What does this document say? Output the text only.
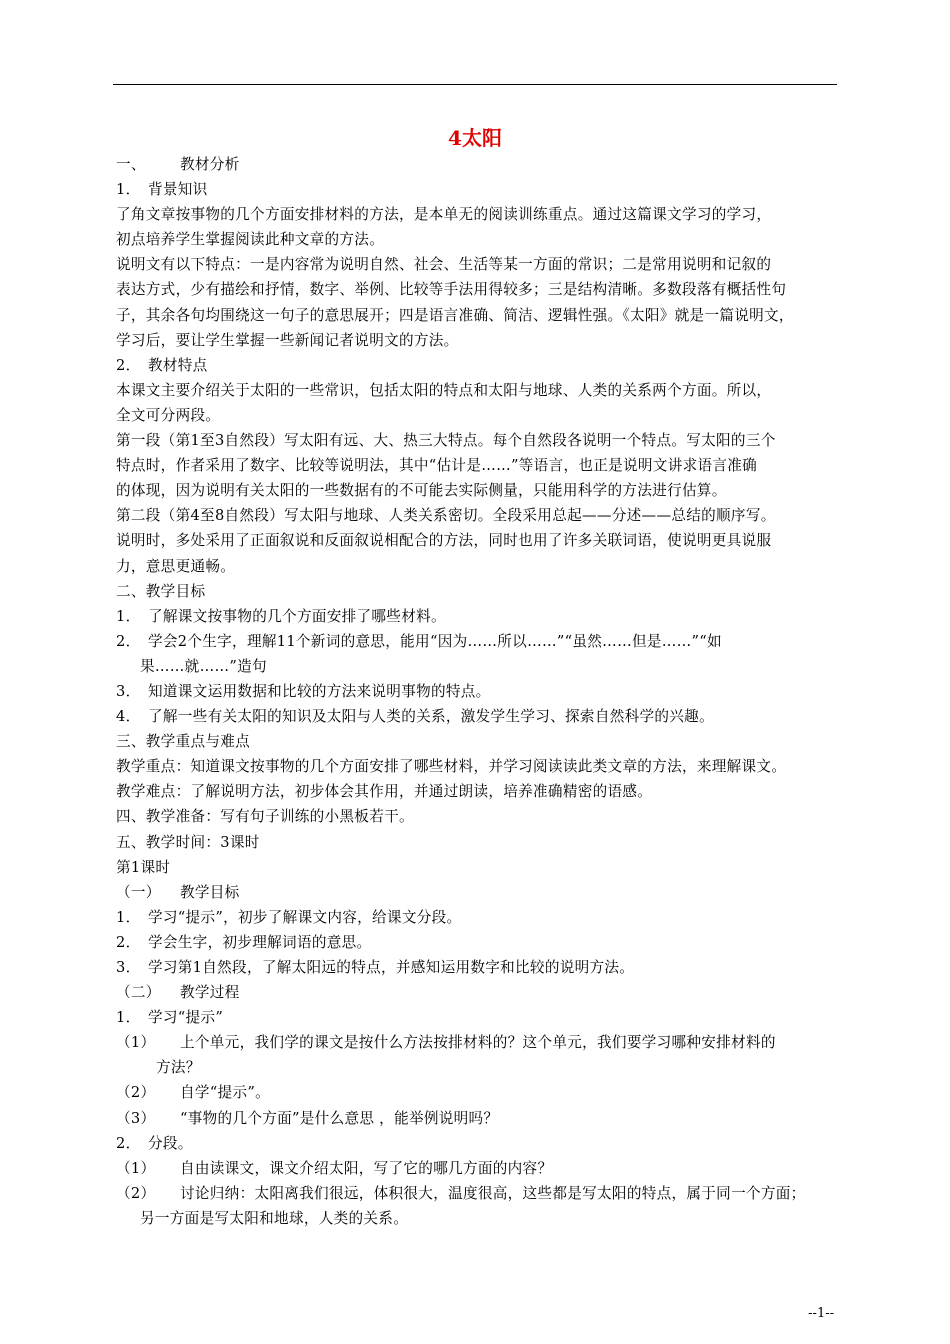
4太阳
一、 教材分析
1． 背景知识
了角文章按事物的几个方面安排材料的方法，是本单无的阅读训练重点。通过这篇课文学习的学习，
初点培养学生掌握阅读此种文章的方法。
说明文有以下特点：一是内容常为说明自然、社会、生活等某一方面的常识；二是常用说明和记叙的
表达方式，少有描绘和抒情，数字、举例、比较等手法用得较多；三是结构清晰。多数段落有概括性句
子，其余各句均围绕这一句子的意思展开；四是语言准确、简洁、逻辑性强。《太阳》就是一篇说明文，
学习后，要让学生掌握一些新闻记者说明文的方法。
2． 教材特点
本课文主要介绍关于太阳的一些常识，包括太阳的特点和太阳与地球、人类的关系两个方面。所以，
全文可分两段。
第一段（第1至3自然段）写太阳有远、大、热三大特点。每个自然段各说明一个特点。写太阳的三个
特点时，作者采用了数字、比较等说明法，其中“估计是……”等语言，也正是说明文讲求语言准确
的体现，因为说明有关太阳的一些数据有的不可能去实际侧量，只能用科学的方法进行估算。
第二段（第4至8自然段）写太阳与地球、人类关系密切。全段采用总起——分述——总结的顺序写。
说明时，多处采用了正面叙说和反面叙说相配合的方法，同时也用了许多关联词语，使说明更具说服
力，意思更通畅。
二、教学目标
1． 了解课文按事物的几个方面安排了哪些材料。
2． 学会2个生字，理解11个新词的意思，能用“因为……所以……”“虽然……但是……”“如
果……就……”造句
3． 知道课文运用数据和比较的方法来说明事物的特点。
4． 了解一些有关太阳的知识及太阳与人类的关系，激发学生学习、探索自然科学的兴趣。
三、教学重点与难点
教学重点：知道课文按事物的几个方面安排了哪些材料，并学习阅读读此类文章的方法，来理解课文。
教学难点：了解说明方法，初步体会其作用，并通过朗读，培养准确精密的语感。
四、教学准备：写有句子训练的小黑板若干。
五、教学时间：3课时
第1课时
（一） 教学目标
1． 学习“提示”，初步了解课文内容，给课文分段。
2． 学会生字，初步理解词语的意思。
3． 学习第1自然段，了解太阳远的特点，并感知运用数字和比较的说明方法。
（二） 教学过程
1． 学习“提示”
（1） 上个单元，我们学的课文是按什么方法按排材料的？这个单元，我们要学习哪种安排材料的
方法？
（2） 自学“提示”。
（3） “事物的几个方面”是什么意思 ，能举例说明吗？
2． 分段。
（1） 自由读课文，课文介绍太阳，写了它的哪几方面的内容？
（2） 讨论归纳：太阳离我们很远，体积很大，温度很高，这些都是写太阳的特点，属于同一个方面；
另一方面是写太阳和地球，人类的关系。
--1--
